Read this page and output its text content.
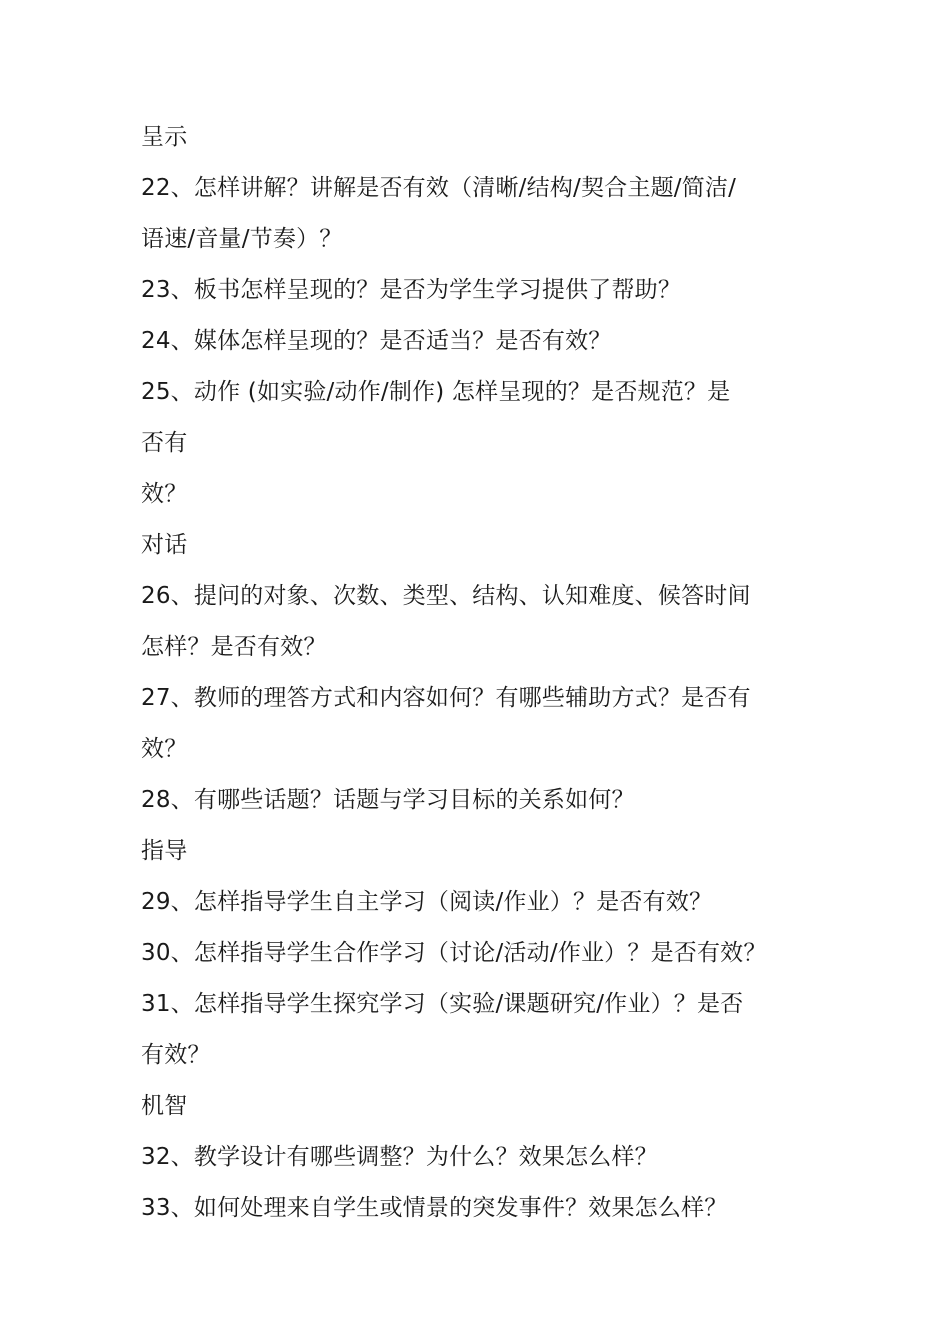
呈示
22、怎样讲解？讲解是否有效（清晰/结构/契合主题/简洁/
语速/音量/节奏）？
23、板书怎样呈现的？是否为学生学习提供了帮助？
24、媒体怎样呈现的？是否适当？是否有效？
25、动作 (如实验/动作/制作) 怎样呈现的？是否规范？是
否有
效？
对话
26、提问的对象、次数、类型、结构、认知难度、候答时间
怎样？是否有效？
27、教师的理答方式和内容如何？有哪些辅助方式？是否有
效？
28、有哪些话题？话题与学习目标的关系如何？
指导
29、怎样指导学生自主学习（阅读/作业）？是否有效？
30、怎样指导学生合作学习（讨论/活动/作业）？是否有效？
31、怎样指导学生探究学习（实验/课题研究/作业）？是否
有效？
机智
32、教学设计有哪些调整？为什么？效果怎么样？
33、如何处理来自学生或情景的突发事件？效果怎么样？
